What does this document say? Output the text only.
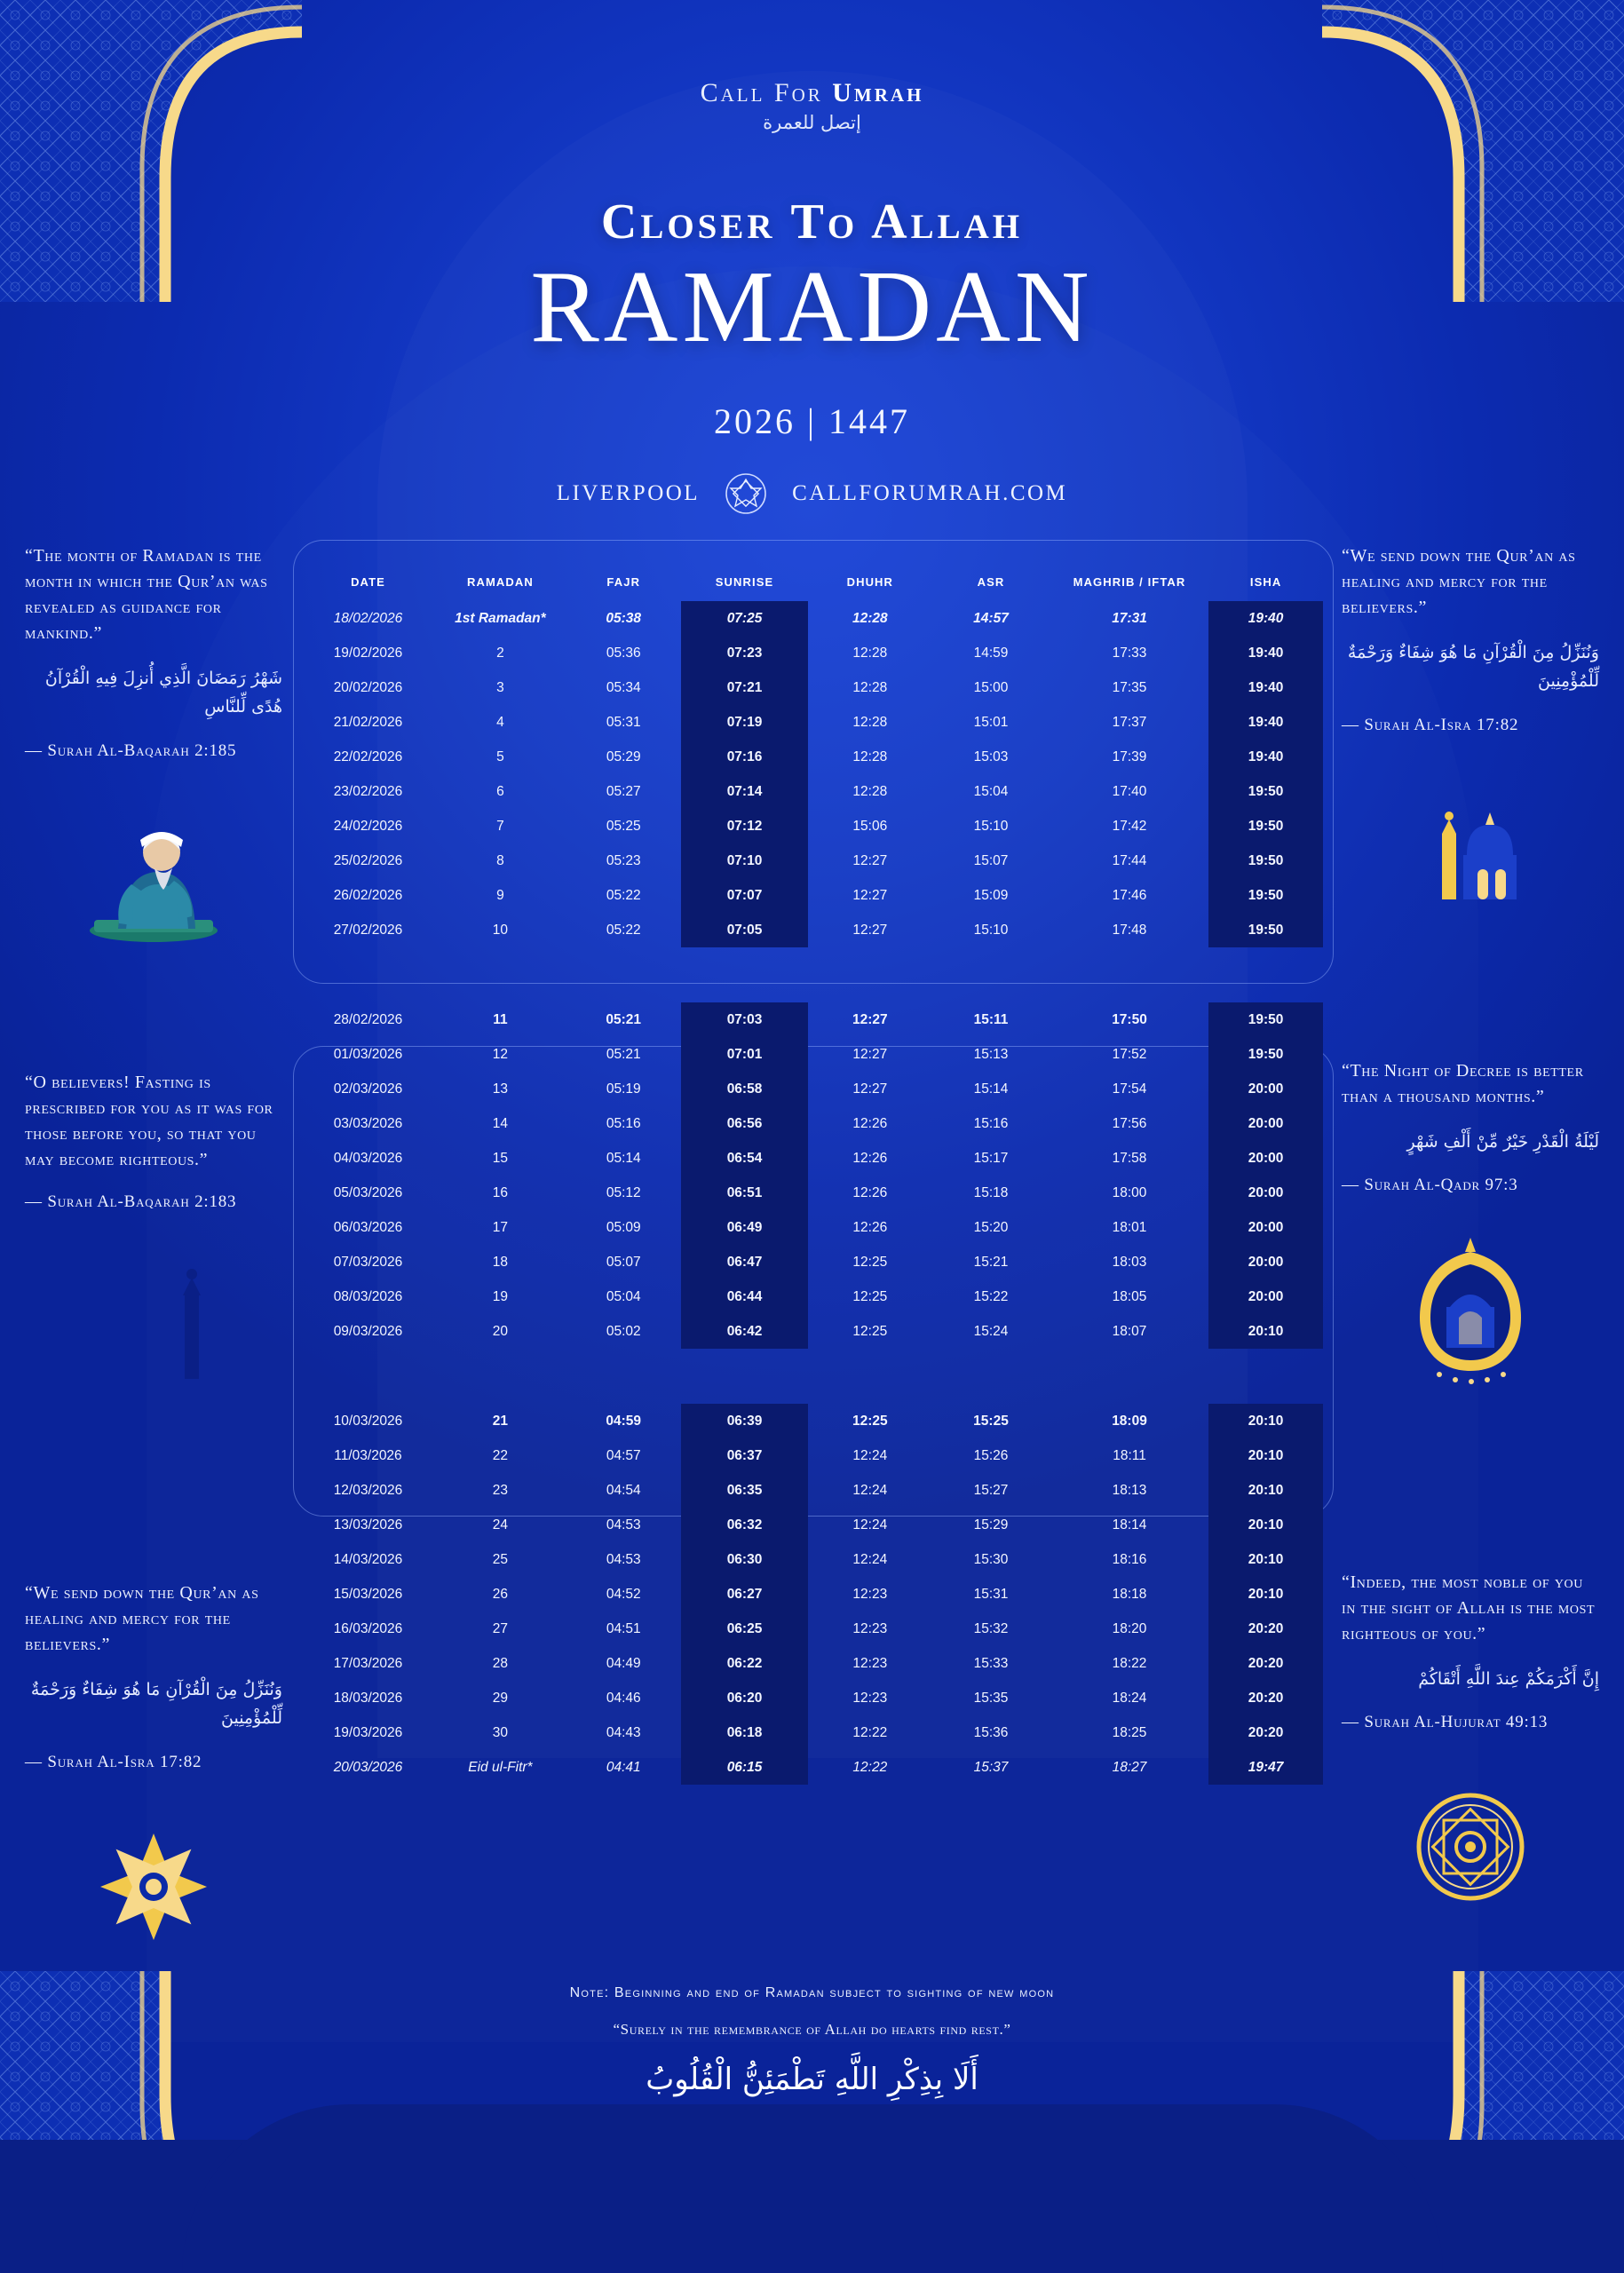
Call For Umrah
إتصل للعمرة
Closer To Allah
RAMADAN
2026 | 1447
LIVERPOOL	CALLFORUMRAH.COM
“The month of Ramadan is the month in which the Qur’an was revealed as guidance for mankind.”
شَهْرُ رَمَضَانَ الَّذِي أُنزِلَ فِيهِ الْقُرْآنُ هُدًى لِّلنَّاسِ
— Surah Al-Baqarah 2:185
“O believers! Fasting is prescribed for you as it was for those before you, so that you may become righteous.”
— Surah Al-Baqarah 2:183
“We send down the Qur’an as healing and mercy for the believers.”
وَنُنَزِّلُ مِنَ الْقُرْآنِ مَا هُوَ شِفَاءٌ وَرَحْمَةٌ لِّلْمُؤْمِنِينَ
— Surah Al-Isra 17:82
“We send down the Qur’an as healing and mercy for the believers.”
وَنُنَزِّلُ مِنَ الْقُرْآنِ مَا هُوَ شِفَاءٌ وَرَحْمَةٌ لِّلْمُؤْمِنِينَ
— Surah Al-Isra 17:82
“The Night of Decree is better than a thousand months.”
لَيْلَةُ الْقَدْرِ خَيْرٌ مِّنْ أَلْفِ شَهْرٍ
— Surah Al-Qadr 97:3
“Indeed, the most noble of you in the sight of Allah is the most righteous of you.”
إِنَّ أَكْرَمَكُمْ عِندَ اللَّهِ أَتْقَاكُمْ
— Surah Al-Hujurat 49:13
DATE	RAMADAN	FAJR	SUNRISE	DHUHR	ASR	MAGHRIB / IFTAR	ISHA
18/02/2026	1st Ramadan*	05:38	07:25	12:28	14:57	17:31	19:40
19/02/2026	2	05:36	07:23	12:28	14:59	17:33	19:40
20/02/2026	3	05:34	07:21	12:28	15:00	17:35	19:40
21/02/2026	4	05:31	07:19	12:28	15:01	17:37	19:40
22/02/2026	5	05:29	07:16	12:28	15:03	17:39	19:40
23/02/2026	6	05:27	07:14	12:28	15:04	17:40	19:50
24/02/2026	7	05:25	07:12	15:06	15:10	17:42	19:50
25/02/2026	8	05:23	07:10	12:27	15:07	17:44	19:50
26/02/2026	9	05:22	07:07	12:27	15:09	17:46	19:50
27/02/2026	10	05:22	07:05	12:27	15:10	17:48	19:50

28/02/2026	11	05:21	07:03	12:27	15:11	17:50	19:50
01/03/2026	12	05:21	07:01	12:27	15:13	17:52	19:50
02/03/2026	13	05:19	06:58	12:27	15:14	17:54	20:00
03/03/2026	14	05:16	06:56	12:26	15:16	17:56	20:00
04/03/2026	15	05:14	06:54	12:26	15:17	17:58	20:00
05/03/2026	16	05:12	06:51	12:26	15:18	18:00	20:00
06/03/2026	17	05:09	06:49	12:26	15:20	18:01	20:00
07/03/2026	18	05:07	06:47	12:25	15:21	18:03	20:00
08/03/2026	19	05:04	06:44	12:25	15:22	18:05	20:00
09/03/2026	20	05:02	06:42	12:25	15:24	18:07	20:10

10/03/2026	21	04:59	06:39	12:25	15:25	18:09	20:10
11/03/2026	22	04:57	06:37	12:24	15:26	18:11	20:10
12/03/2026	23	04:54	06:35	12:24	15:27	18:13	20:10
13/03/2026	24	04:53	06:32	12:24	15:29	18:14	20:10
14/03/2026	25	04:53	06:30	12:24	15:30	18:16	20:10
15/03/2026	26	04:52	06:27	12:23	15:31	18:18	20:10
16/03/2026	27	04:51	06:25	12:23	15:32	18:20	20:20
17/03/2026	28	04:49	06:22	12:23	15:33	18:22	20:20
18/03/2026	29	04:46	06:20	12:23	15:35	18:24	20:20
19/03/2026	30	04:43	06:18	12:22	15:36	18:25	20:20
20/03/2026	Eid ul-Fitr*	04:41	06:15	12:22	15:37	18:27	19:47
Note: Beginning and end of Ramadan subject to sighting of new moon
“Surely in the remembrance of Allah do hearts find rest.”
أَلَا بِذِكْرِ اللَّهِ تَطْمَئِنُّ الْقُلُوبُ
